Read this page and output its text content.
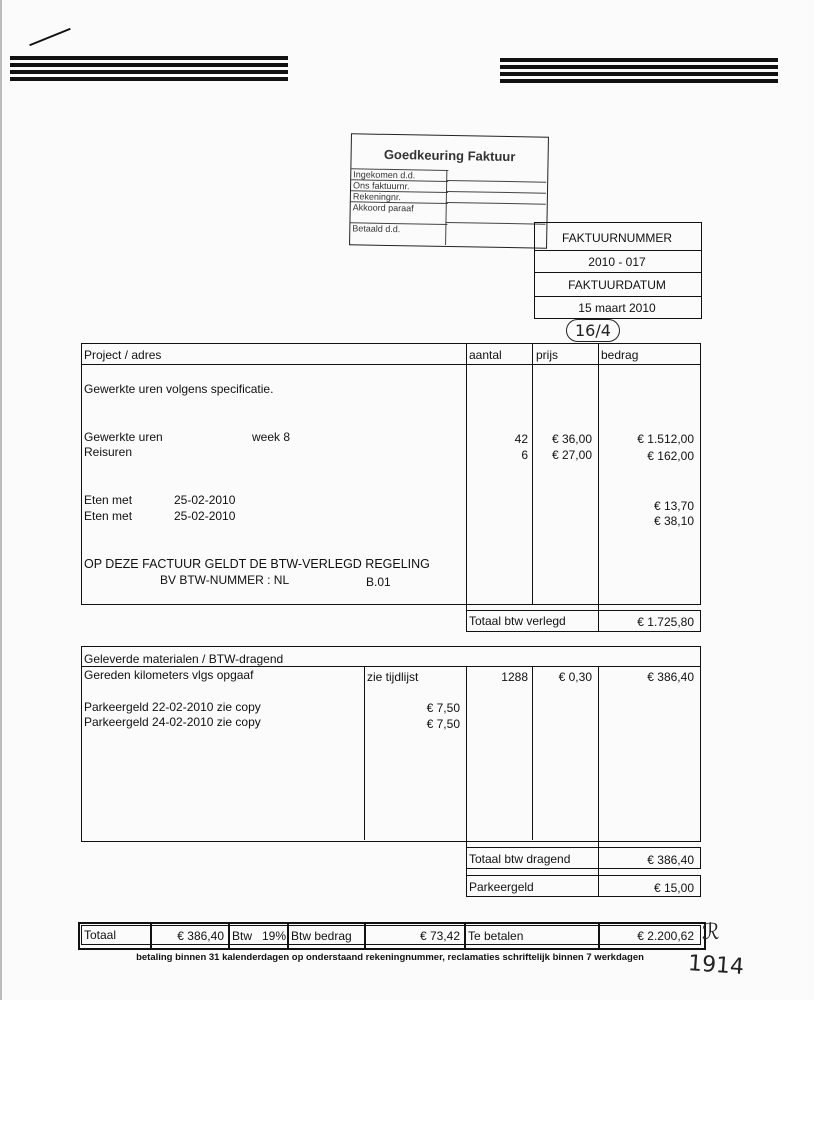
Goedkeuring Faktuur
Ingekomen d.d.
Ons faktuurnr.
Rekeningnr.
Akkoord paraaf
Betaald d.d.
FAKTUURNUMMER
2010 - 017
FAKTUURDATUM
15 maart 2010
16/4
Project / adres	aantal	prijs	bedrag
Gewerkte uren volgens specificatie.
Gewerkte uren	week 8	42	€ 36,00	€ 1.512,00
Reisuren	6	€ 27,00	€ 162,00
Eten met	25-02-2010	€ 13,70
Eten met	25-02-2010	€ 38,10
OP DEZE FACTUUR GELDT DE BTW-VERLEGD REGELING
BV BTW-NUMMER : NL	B.01
Totaal btw verlegd	€ 1.725,80
Geleverde materialen / BTW-dragend
Gereden kilometers vlgs opgaaf	zie tijdlijst	1288	€ 0,30	€ 386,40
Parkeergeld 22-02-2010 zie copy	€ 7,50
Parkeergeld 24-02-2010 zie copy	€ 7,50
Totaal btw dragend	€ 386,40
Parkeergeld	€ 15,00
Totaal	€ 386,40 Btw 19% Btw bedrag	€ 73,42 Te betalen	€ 2.200,62
betaling binnen 31 kalenderdagen op onderstaand rekeningnummer, reclamaties schriftelijk binnen 7 werkdagen
ℛ
1914
